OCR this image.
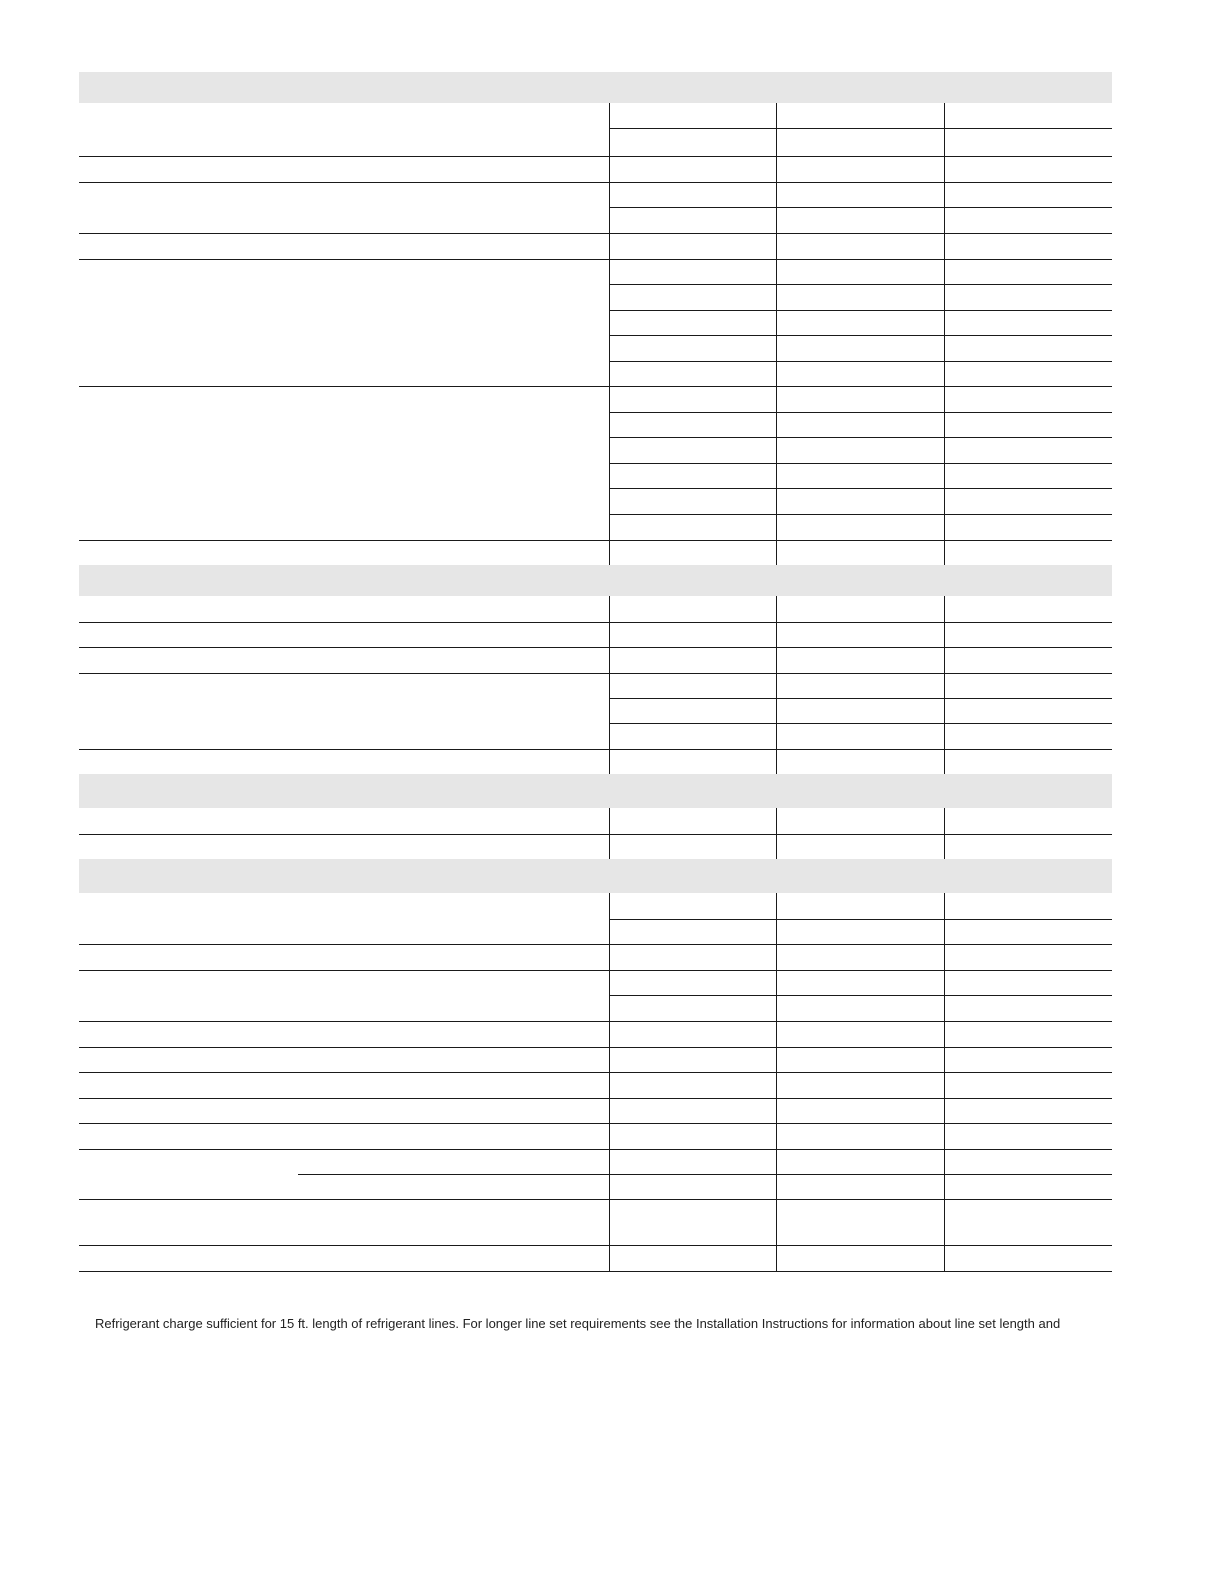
Refrigerant charge sufficient for 15 ft. length of refrigerant lines. For longer line set requirements see the Installation Instructions for information about line set length and
